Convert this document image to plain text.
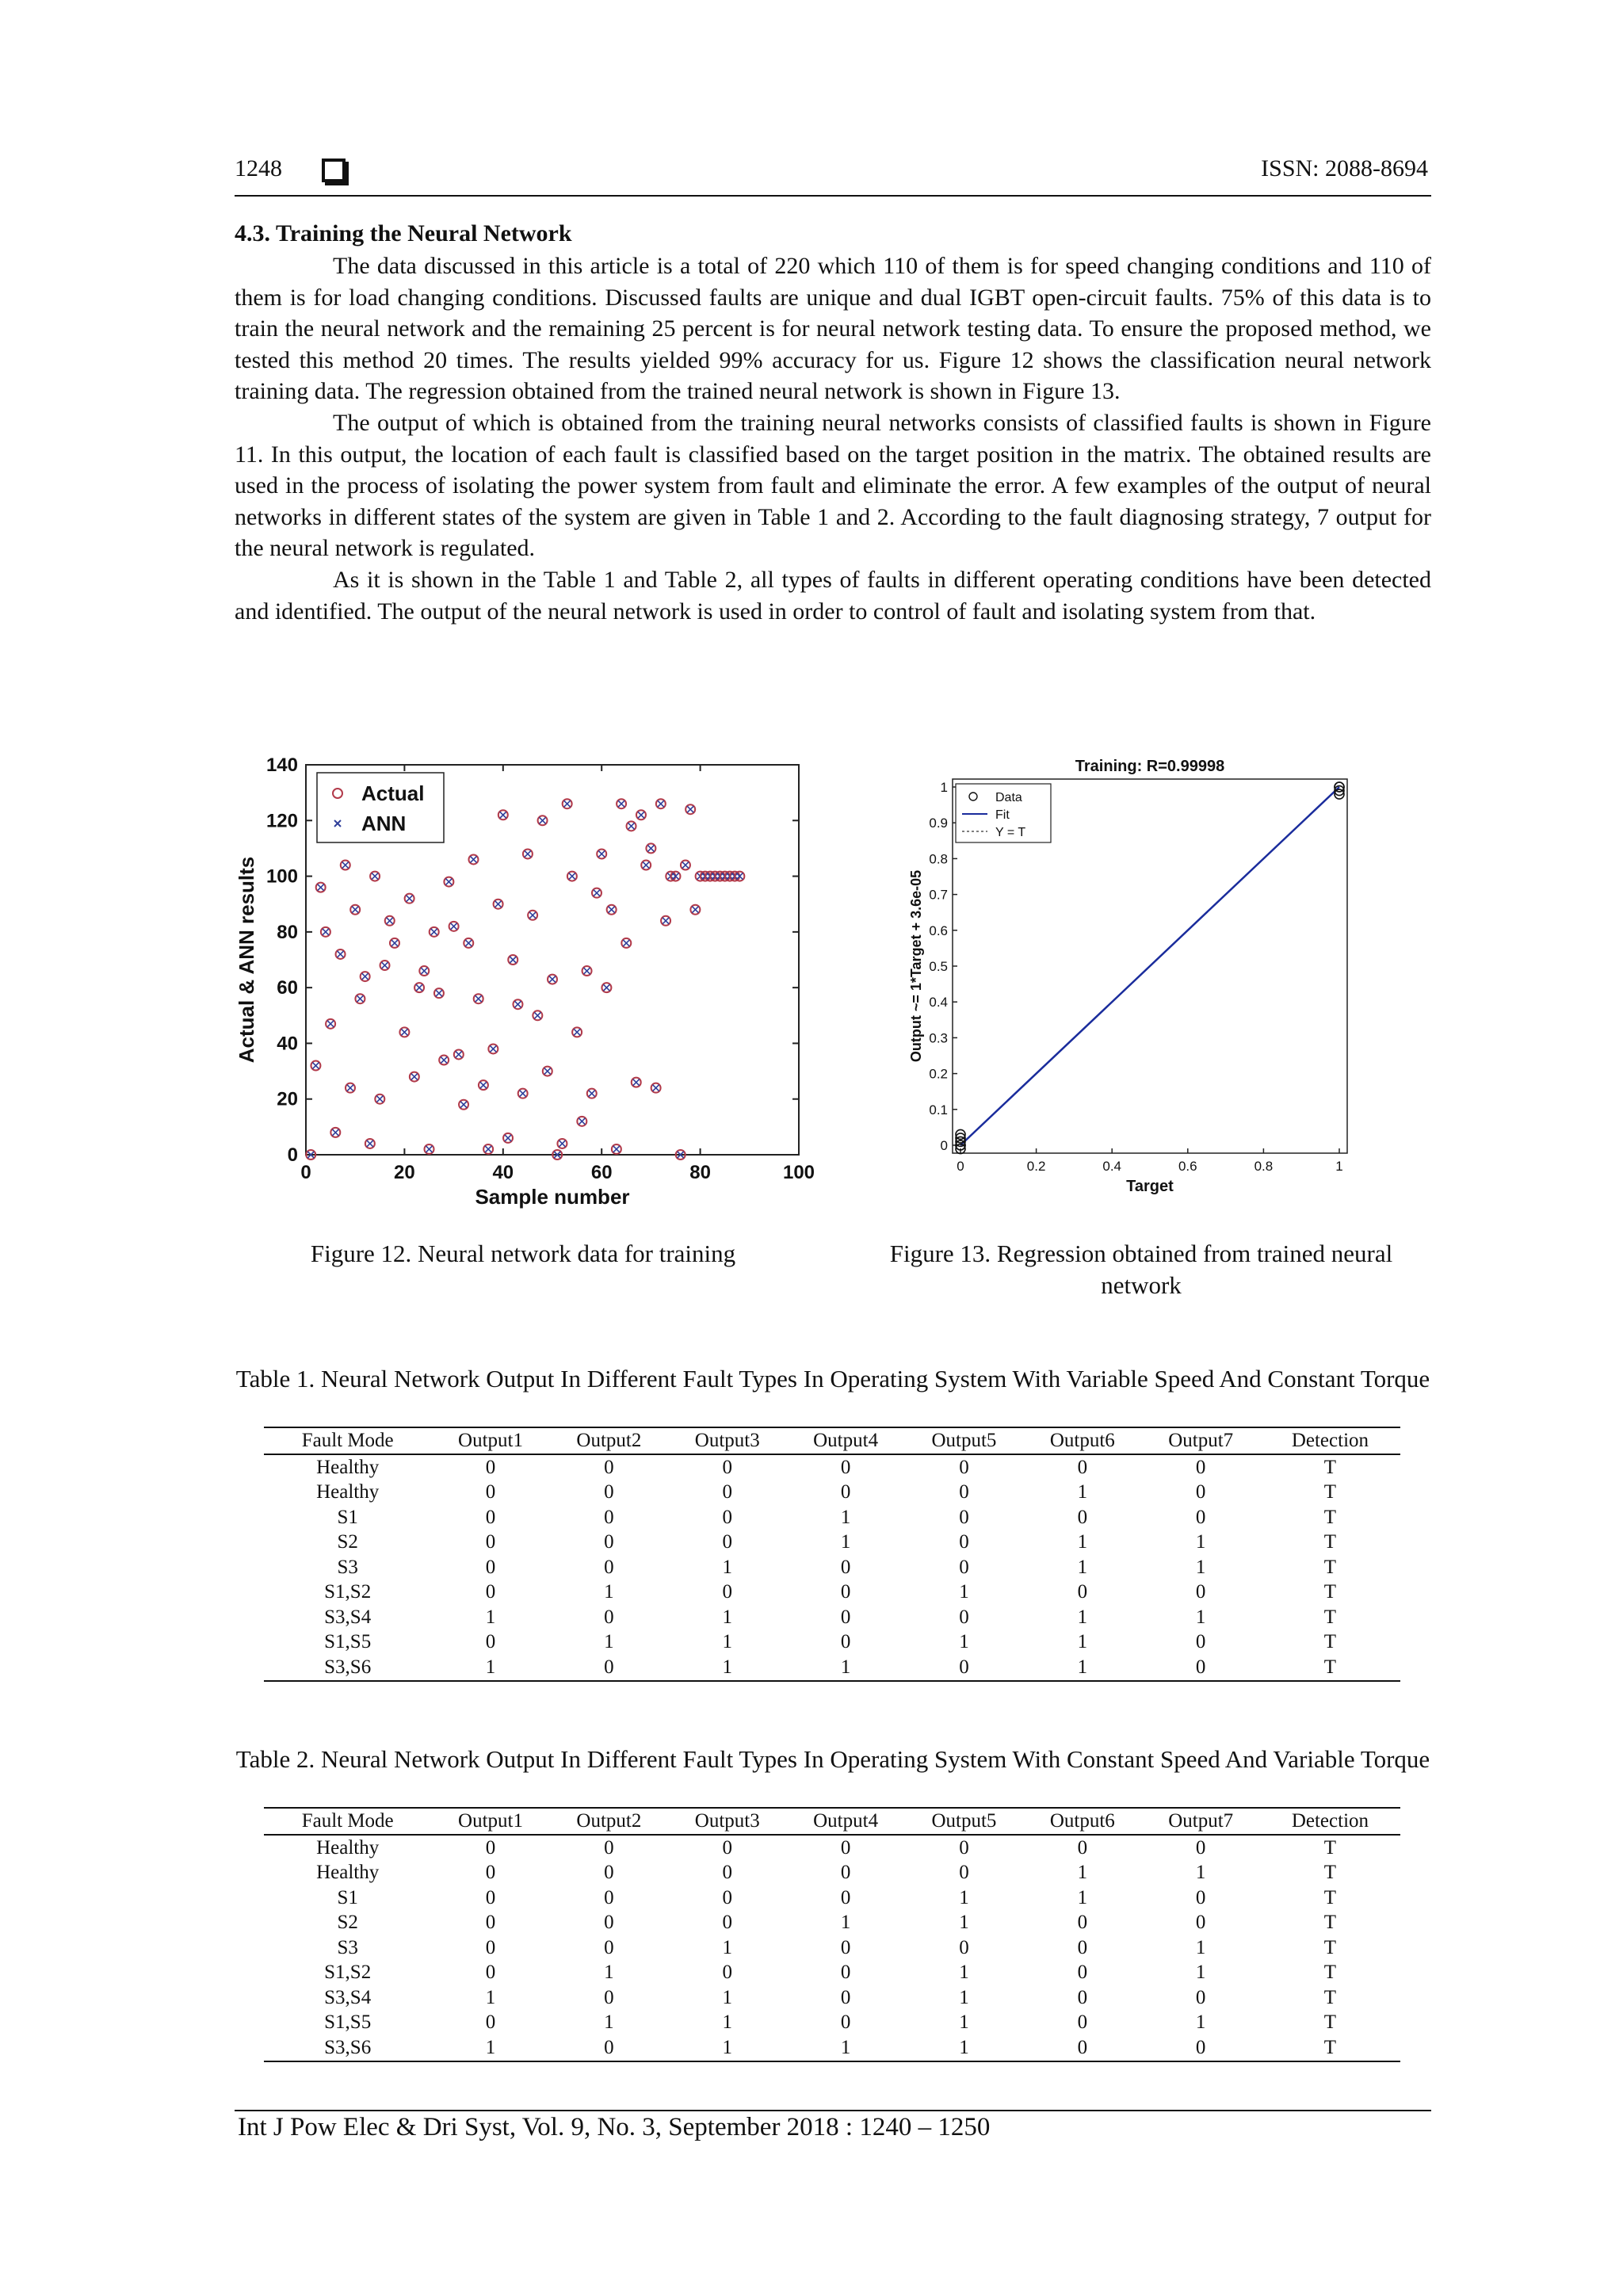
1248	ISSN: 2088-8694
4.3. Training the Neural Network

The data discussed in this article is a total of 220 which 110 of them is for speed changing conditions and 110 of them is for load changing conditions. Discussed faults are unique and dual IGBT open-circuit faults. 75% of this data is to train the neural network and the remaining 25 percent is for neural network testing data. To ensure the proposed method, we tested this method 20 times. The results yielded 99% accuracy for us. Figure 12 shows the classification neural network training data. The regression obtained from the trained neural network is shown in Figure 13.

The output of which is obtained from the training neural networks consists of classified faults is shown in Figure 11. In this output, the location of each fault is classified based on the target position in the matrix. The obtained results are used in the process of isolating the power system from fault and eliminate the error. A few examples of the output of neural networks in different states of the system are given in Table 1 and 2. According to the fault diagnosing strategy, 7 output for the neural network is regulated.

As it is shown in the Table 1 and Table 2, all types of faults in different operating conditions have been detected and identified. The output of the neural network is used in order to control of fault and isolating system from that.

0	20	40	60	80	100
0
20
40
60
80
100
120
140
Sample number
Actual & ANN results
Actual
ANN
Figure 12. Neural network data for training
Training: R=0.99998
0	0.2	0.4	0.6	0.8	1
0
0.1
0.2
0.3
0.4
0.5
0.6
0.7
0.8
0.9
1
Target
Output ~= 1*Target + 3.6e-05
Data
Fit
Y = T
Figure 13. Regression obtained from trained neural network
Table 1. Neural Network Output In Different Fault Types In Operating System With Variable Speed And Constant Torque
Fault Mode	Output1	Output2	Output3	Output4	Output5	Output6	Output7	Detection
Healthy	0	0	0	0	0	0	0	T
Healthy	0	0	0	0	0	1	0	T
S1	0	0	0	1	0	0	0	T
S2	0	0	0	1	0	1	1	T
S3	0	0	1	0	0	1	1	T
S1,S2	0	1	0	0	1	0	0	T
S3,S4	1	0	1	0	0	1	1	T
S1,S5	0	1	1	0	1	1	0	T
S3,S6	1	0	1	1	0	1	0	T
Table 2. Neural Network Output In Different Fault Types In Operating System With Constant Speed And Variable Torque
Fault Mode	Output1	Output2	Output3	Output4	Output5	Output6	Output7	Detection
Healthy	0	0	0	0	0	0	0	T
Healthy	0	0	0	0	0	1	1	T
S1	0	0	0	0	1	1	0	T
S2	0	0	0	1	1	0	0	T
S3	0	0	1	0	0	0	1	T
S1,S2	0	1	0	0	1	0	1	T
S3,S4	1	0	1	0	1	0	0	T
S1,S5	0	1	1	0	1	0	1	T
S3,S6	1	0	1	1	1	0	0	T
Int J Pow Elec & Dri Syst, Vol. 9, No. 3, September 2018 : 1240 – 1250
